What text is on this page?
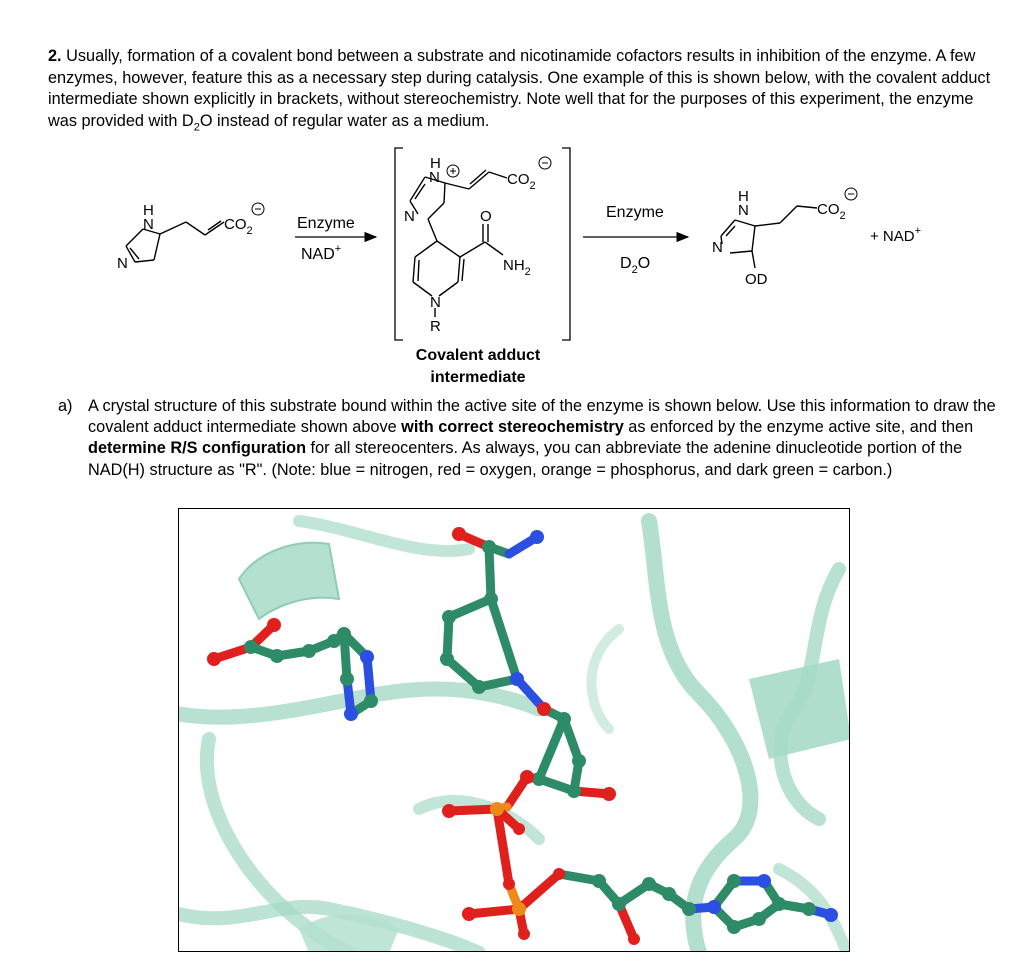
2. Usually, formation of a covalent bond between a substrate and nicotinamide cofactors results in inhibition of the enzyme. A few enzymes, however, feature this as a necessary step during catalysis. One example of this is shown below, with the covalent adduct intermediate shown explicitly in brackets, without stereochemistry. Note well that for the purposes of this experiment, the enzyme was provided with $D_2O$ instead of regular water as a medium.
H
N
N
$CO_2$	Enzyme
NAD+
H
N
N	O
$NH_2$
N
R
$CO_2$
Enzyme
$D_2O$
H
N
N
OD
$CO_2$
+ NAD+
Covalent adduct
intermediate
a) A crystal structure of this substrate bound within the active site of the enzyme is shown below. Use this information to draw the covalent adduct intermediate shown above with correct stereochemistry as enforced by the enzyme active site, and then determine R/S configuration for all stereocenters. As always, you can abbreviate the adenine dinucleotide portion of the NAD(H) structure as "R". (Note: blue = nitrogen, red = oxygen, orange = phosphorus, and dark green = carbon.)
